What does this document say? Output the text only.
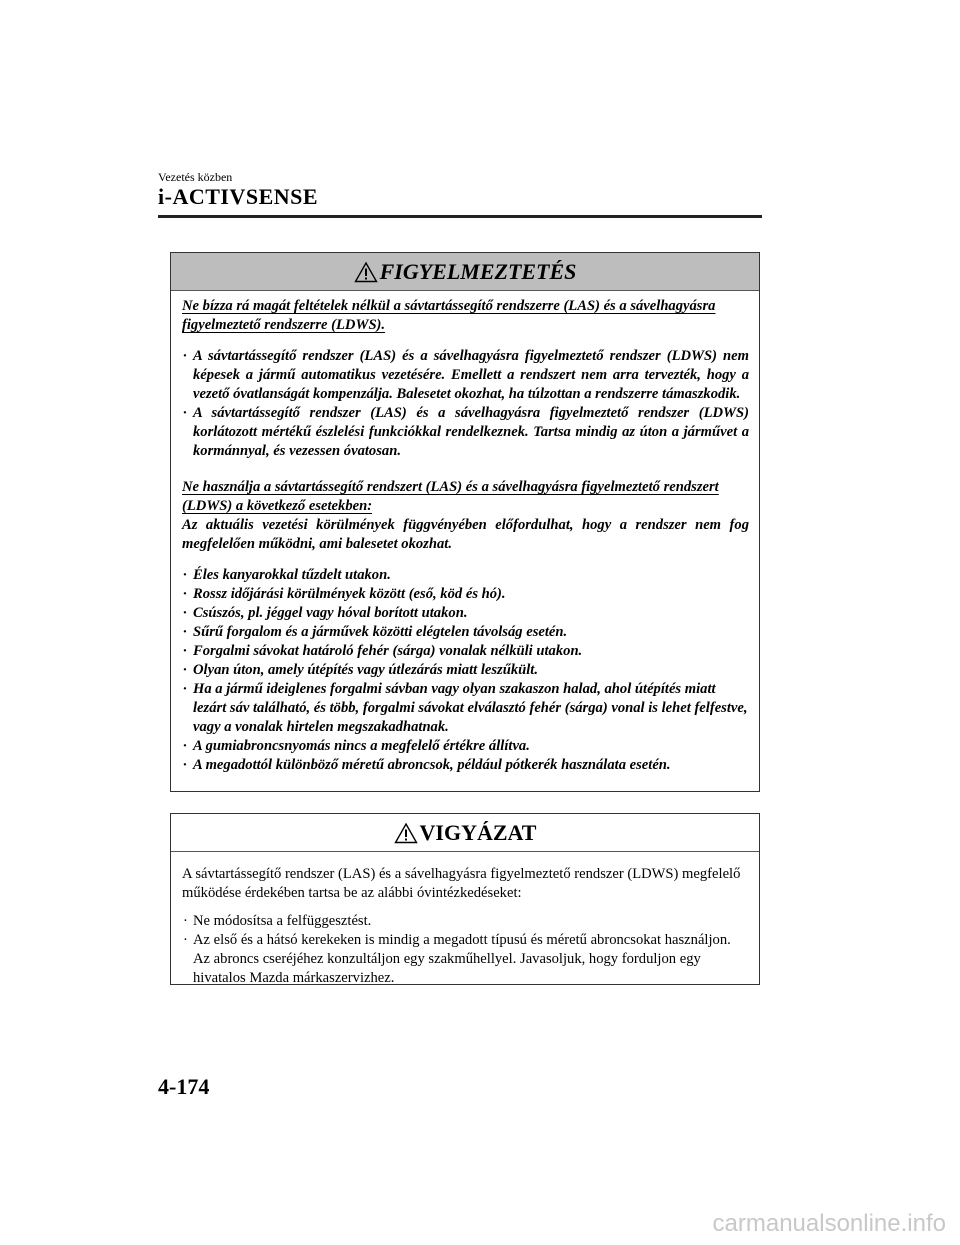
Vezetés közben
i-ACTIVSENSE
FIGYELMEZTETÉS

Ne bízza rá magát feltételek nélkül a sávtartássegítő rendszerre (LAS) és a sávelhagyásra figyelmeztető rendszerre (LDWS).

· A sávtartássegítő rendszer (LAS) és a sávelhagyásra figyelmeztető rendszer (LDWS) nem képesek a jármű automatikus vezetésére. Emellett a rendszert nem arra tervezték, hogy a vezető óvatlanságát kompenzálja. Balesetet okozhat, ha túlzottan a rendszerre támaszkodik.
· A sávtartássegítő rendszer (LAS) és a sávelhagyásra figyelmeztető rendszer (LDWS) korlátozott mértékű észlelési funkciókkal rendelkeznek. Tartsa mindig az úton a járművet a kormánnyal, és vezessen óvatosan.

Ne használja a sávtartássegítő rendszert (LAS) és a sávelhagyásra figyelmeztető rendszert (LDWS) a következő esetekben:

Az aktuális vezetési körülmények függvényében előfordulhat, hogy a rendszer nem fog megfelelően működni, ami balesetet okozhat.

· Éles kanyarokkal tűzdelt utakon.
· Rossz időjárási körülmények között (eső, köd és hó).
· Csúszós, pl. jéggel vagy hóval borított utakon.
· Sűrű forgalom és a járművek közötti elégtelen távolság esetén.
· Forgalmi sávokat határoló fehér (sárga) vonalak nélküli utakon.
· Olyan úton, amely útépítés vagy útlezárás miatt leszűkült.
· Ha a jármű ideiglenes forgalmi sávban vagy olyan szakaszon halad, ahol útépítés miatt lezárt sáv található, és több, forgalmi sávokat elválasztó fehér (sárga) vonal is lehet felfestve, vagy a vonalak hirtelen megszakadhatnak.
· A gumiabroncsnyomás nincs a megfelelő értékre állítva.
· A megadottól különböző méretű abroncsok, például pótkerék használata esetén.
VIGYÁZAT

A sávtartássegítő rendszer (LAS) és a sávelhagyásra figyelmeztető rendszer (LDWS) megfelelő működése érdekében tartsa be az alábbi óvintézkedéseket:

· Ne módosítsa a felfüggesztést.
· Az első és a hátsó kerekeken is mindig a megadott típusú és méretű abroncsokat használjon. Az abroncs cseréjéhez konzultáljon egy szakműhellyel. Javasoljuk, hogy forduljon egy hivatalos Mazda márkaszervizhez.
4-174
carmanualsonline.info
